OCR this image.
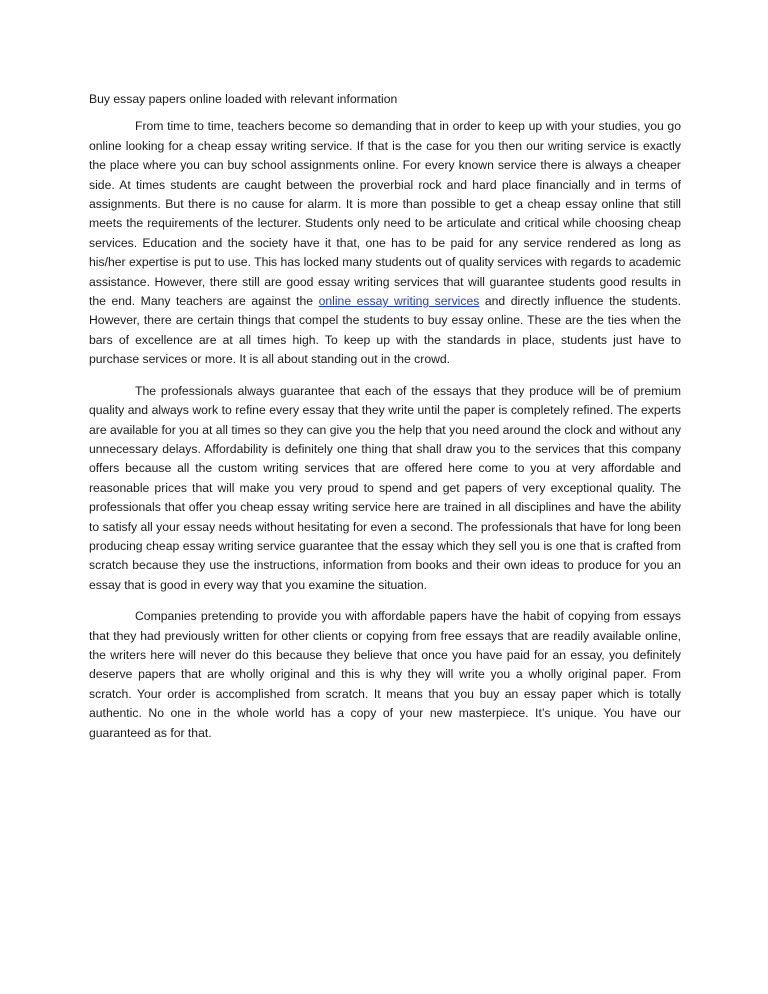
Buy essay papers online loaded with relevant information

From time to time, teachers become so demanding that in order to keep up with your studies, you go online looking for a cheap essay writing service. If that is the case for you then our writing service is exactly the place where you can buy school assignments online. For every known service there is always a cheaper side. At times students are caught between the proverbial rock and hard place financially and in terms of assignments. But there is no cause for alarm. It is more than possible to get a cheap essay online that still meets the requirements of the lecturer. Students only need to be articulate and critical while choosing cheap services. Education and the society have it that, one has to be paid for any service rendered as long as his/her expertise is put to use. This has locked many students out of quality services with regards to academic assistance. However, there still are good essay writing services that will guarantee students good results in the end. Many teachers are against the online essay writing services and directly influence the students. However, there are certain things that compel the students to buy essay online. These are the ties when the bars of excellence are at all times high. To keep up with the standards in place, students just have to purchase services or more. It is all about standing out in the crowd.

The professionals always guarantee that each of the essays that they produce will be of premium quality and always work to refine every essay that they write until the paper is completely refined. The experts are available for you at all times so they can give you the help that you need around the clock and without any unnecessary delays. Affordability is definitely one thing that shall draw you to the services that this company offers because all the custom writing services that are offered here come to you at very affordable and reasonable prices that will make you very proud to spend and get papers of very exceptional quality. The professionals that offer you cheap essay writing service here are trained in all disciplines and have the ability to satisfy all your essay needs without hesitating for even a second. The professionals that have for long been producing cheap essay writing service guarantee that the essay which they sell you is one that is crafted from scratch because they use the instructions, information from books and their own ideas to produce for you an essay that is good in every way that you examine the situation.

Companies pretending to provide you with affordable papers have the habit of copying from essays that they had previously written for other clients or copying from free essays that are readily available online, the writers here will never do this because they believe that once you have paid for an essay, you definitely deserve papers that are wholly original and this is why they will write you a wholly original paper. From scratch. Your order is accomplished from scratch. It means that you buy an essay paper which is totally authentic. No one in the whole world has a copy of your new masterpiece. It’s unique. You have our guaranteed as for that.
